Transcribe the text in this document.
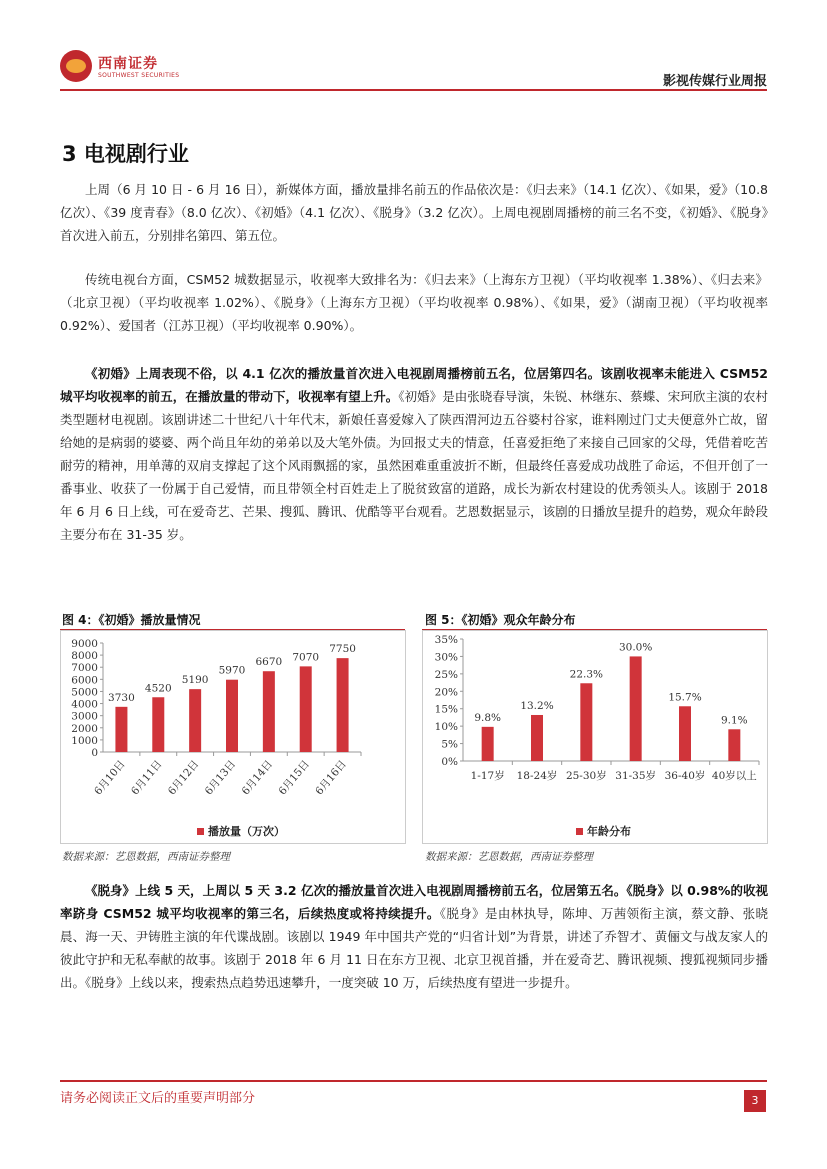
西南证券
SOUTHWEST SECURITIES	影视传媒行业周报
3 电视剧行业
上周（6 月 10 日 - 6 月 16 日），新媒体方面，播放量排名前五的作品依次是：《归去来》（14.1 亿次）、《如果，爱》（10.8 亿次）、《39 度青春》（8.0 亿次）、《初婚》（4.1 亿次）、《脱身》（3.2 亿次）。上周电视剧周播榜的前三名不变，《初婚》、《脱身》首次进入前五，分别排名第四、第五位。
传统电视台方面，CSM52 城数据显示，收视率大致排名为：《归去来》（上海东方卫视）（平均收视率 1.38%）、《归去来》（北京卫视）（平均收视率 1.02%）、《脱身》（上海东方卫视）（平均收视率 0.98%）、《如果，爱》（湖南卫视）（平均收视率 0.92%）、爱国者（江苏卫视）（平均收视率 0.90%）。
《初婚》上周表现不俗，以 4.1 亿次的播放量首次进入电视剧周播榜前五名，位居第四名。该剧收视率未能进入 CSM52 城平均收视率的前五，在播放量的带动下，收视率有望上升。《初婚》是由张晓春导演，朱锐、林继东、蔡蝶、宋珂欣主演的农村类型题材电视剧。该剧讲述二十世纪八十年代末，新娘任喜爱嫁入了陕西渭河边五谷婆村谷家，谁料刚过门丈夫便意外亡故，留给她的是病弱的婆婆、两个尚且年幼的弟弟以及大笔外债。为回报丈夫的情意，任喜爱拒绝了来接自己回家的父母，凭借着吃苦耐劳的精神，用单薄的双肩支撑起了这个风雨飘摇的家，虽然困难重重波折不断，但最终任喜爱成功战胜了命运，不但开创了一番事业、收获了一份属于自己爱情，而且带领全村百姓走上了脱贫致富的道路，成长为新农村建设的优秀领头人。该剧于 2018 年 6 月 6 日上线，可在爱奇艺、芒果、搜狐、腾讯、优酷等平台观看。艺恩数据显示，该剧的日播放呈提升的趋势，观众年龄段主要分布在 31-35 岁。
图 4：《初婚》播放量情况
0
1000
2000
3000
4000
5000
6000
7000
8000
9000
3730
6月10日
4520
6月11日
5190
6月12日
5970
6月13日
6670
6月14日
7070
6月15日
7750
6月16日
播放量（万次）
数据来源：艺恩数据，西南证券整理
图 5：《初婚》观众年龄分布
0%
5%
10%
15%
20%
25%
30%
35%
9.8%
1-17岁
13.2%
18-24岁
22.3%
25-30岁
30.0%
31-35岁
15.7%
36-40岁
9.1%
40岁以上
年龄分布
数据来源：艺恩数据，西南证券整理
《脱身》上线 5 天，上周以 5 天 3.2 亿次的播放量首次进入电视剧周播榜前五名，位居第五名。《脱身》以 0.98%的收视率跻身 CSM52 城平均收视率的第三名，后续热度或将持续提升。《脱身》是由林执导，陈坤、万茜领衔主演，蔡文静、张晓晨、海一天、尹铸胜主演的年代谍战剧。该剧以 1949 年中国共产党的“归省计划”为背景，讲述了乔智才、黄俪文与战友家人的彼此守护和无私奉献的故事。该剧于 2018 年 6 月 11 日在东方卫视、北京卫视首播，并在爱奇艺、腾讯视频、搜狐视频同步播出。《脱身》上线以来，搜索热点趋势迅速攀升，一度突破 10 万，后续热度有望进一步提升。
请务必阅读正文后的重要声明部分	3
